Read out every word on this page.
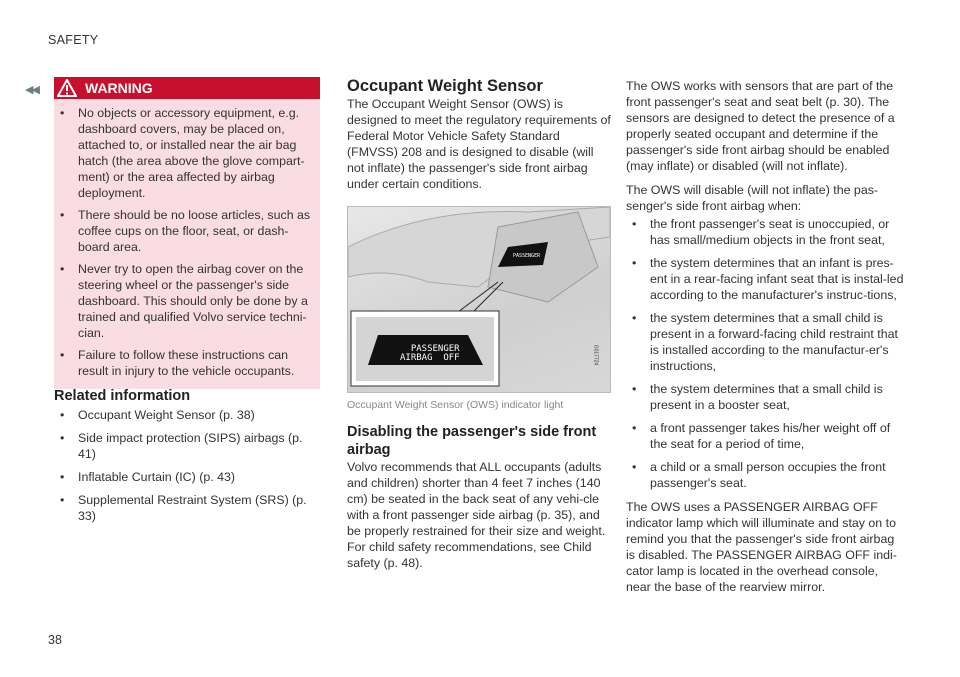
SAFETY
◀◀	WARNING
• No objects or accessory equipment, e.g. dashboard covers, may be placed on, attached to, or installed near the air bag hatch (the area above the glove compart-ment) or the area affected by airbag deployment.
• There should be no loose articles, such as coffee cups on the floor, seat, or dash-board area.
• Never try to open the airbag cover on the steering wheel or the passenger's side dashboard. This should only be done by a trained and qualified Volvo service techni-cian.
• Failure to follow these instructions can result in injury to the vehicle occupants.
Related information
• Occupant Weight Sensor (p. 38)
• Side impact protection (SIPS) airbags (p. 41)
• Inflatable Curtain (IC) (p. 43)
• Supplemental Restraint System (SRS) (p. 33)
Occupant Weight Sensor

The Occupant Weight Sensor (OWS) is designed to meet the regulatory requirements of Federal Motor Vehicle Safety Standard (FMVSS) 208 and is designed to disable (will not inflate) the passenger's side front airbag under certain conditions.

PASSENGER
PASSENGER
AIRBAG  OFF	G017724
Occupant Weight Sensor (OWS) indicator light
Disabling the passenger's side front airbag

Volvo recommends that ALL occupants (adults and children) shorter than 4 feet 7 inches (140 cm) be seated in the back seat of any vehi-cle with a front passenger side airbag (p. 35), and be properly restrained for their size and weight. For child safety recommendations, see Child safety (p. 48).

The OWS works with sensors that are part of the front passenger's seat and seat belt (p. 30). The sensors are designed to detect the presence of a properly seated occupant and determine if the passenger's side front airbag should be enabled (may inflate) or disabled (will not inflate).

The OWS will disable (will not inflate) the pas-senger's side front airbag when:

• the front passenger's seat is unoccupied, or has small/medium objects in the front seat,
• the system determines that an infant is pres-ent in a rear-facing infant seat that is instal-led according to the manufacturer's instruc-tions,
• the system determines that a small child is present in a forward-facing child restraint that is installed according to the manufactur-er's instructions,
• the system determines that a small child is present in a booster seat,
• a front passenger takes his/her weight off of the seat for a period of time,
• a child or a small person occupies the front passenger's seat.

The OWS uses a PASSENGER AIRBAG OFF indicator lamp which will illuminate and stay on to remind you that the passenger's side front airbag is disabled. The PASSENGER AIRBAG OFF indi-cator lamp is located in the overhead console, near the base of the rearview mirror.

38
